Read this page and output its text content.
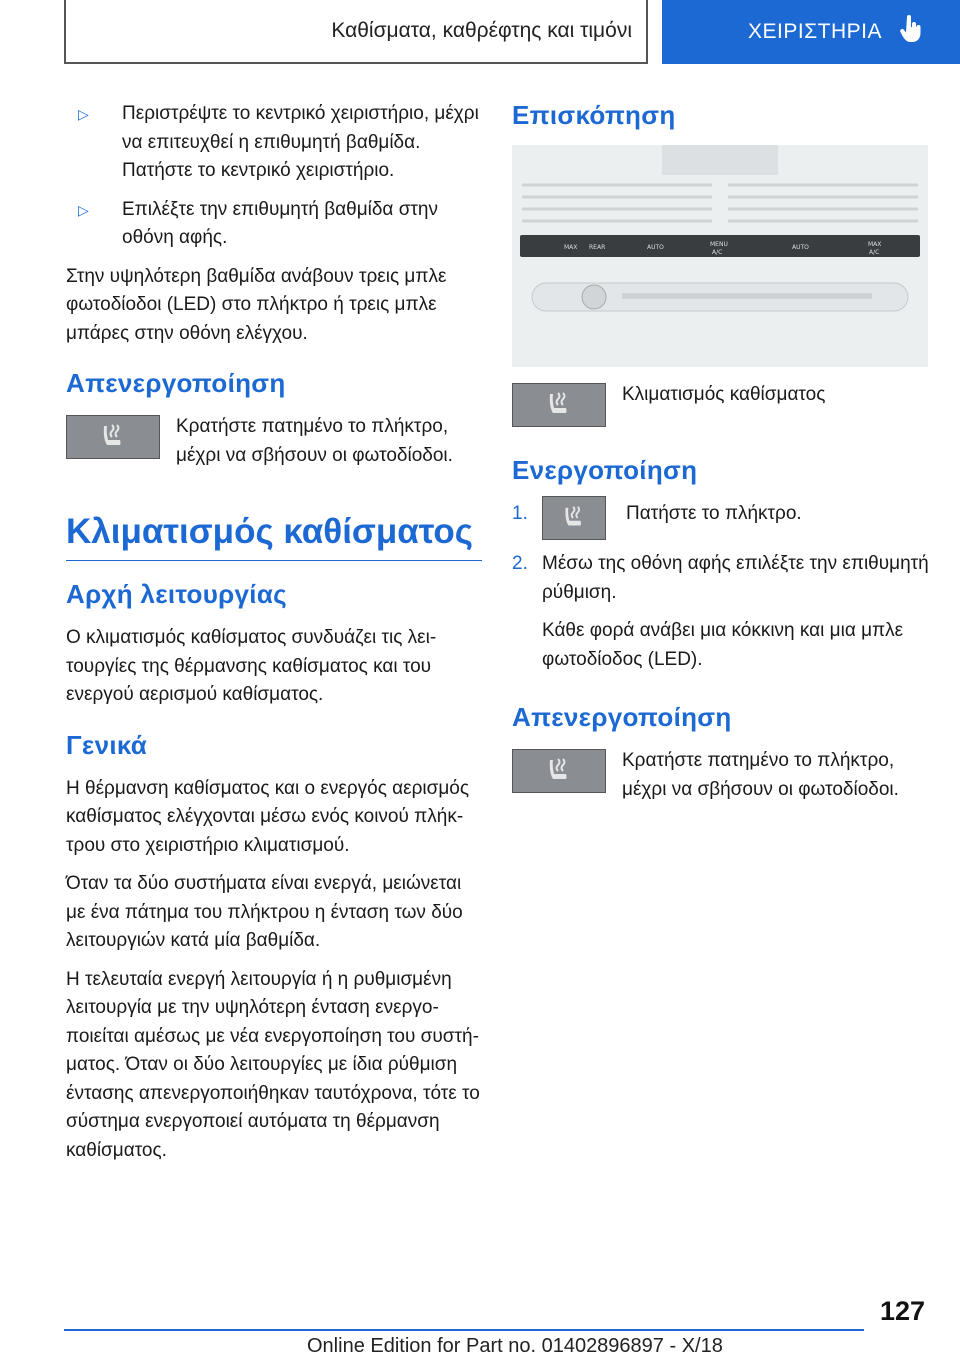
Καθίσματα, καθρέφτης και τιμόνι	ΧΕΙΡΙΣΤΗΡΙΑ
▷	Περιστρέψτε το κεντρικό χειριστήριο, μέχρι να επιτευχθεί η επιθυμητή βαθμίδα. Πατήστε το κεντρικό χειριστήριο.
▷	Επιλέξτε την επιθυμητή βαθμίδα στην οθόνη αφής.

Στην υψηλότερη βαθμίδα ανάβουν τρεις μπλε φωτοδίοδοι (LED) στο πλήκτρο ή τρεις μπλε μπάρες στην οθόνη ελέγχου.

Απενεργοποίηση

Κρατήστε πατημένο το πλήκτρο, μέχρι να σβήσουν οι φωτοδίοδοι.

Κλιματισμός καθίσματος
Αρχή λειτουργίας

Ο κλιματισμός καθίσματος συνδυάζει τις λειτουργίες της θέρμανσης καθίσματος και του ενεργού αερισμού καθίσματος.

Γενικά

Η θέρμανση καθίσματος και ο ενεργός αερισμός καθίσματος ελέγχονται μέσω ενός κοινού πλήκτρου στο χειριστήριο κλιματισμού.

Όταν τα δύο συστήματα είναι ενεργά, μειώνεται με ένα πάτημα του πλήκτρου η ένταση των δύο λειτουργιών κατά μία βαθμίδα.

Η τελευταία ενεργή λειτουργία ή η ρυθμισμένη λειτουργία με την υψηλότερη ένταση ενεργοποιείται αμέσως με νέα ενεργοποίηση του συστήματος. Όταν οι δύο λειτουργίες με ίδια ρύθμιση έντασης απενεργοποιήθηκαν ταυτόχρονα, τότε το σύστημα ενεργοποιεί αυτόματα τη θέρμανση καθίσματος.

Επισκόπηση
MAX REAR	AUTO	MENU
A/C
AUTO	MAX
A/C

Κλιματισμός καθίσματος

Ενεργοποίηση
1.	Πατήστε το πλήκτρο.
2. Μέσω της οθόνη αφής επιλέξτε την επιθυμητή ρύθμιση.

Κάθε φορά ανάβει μια κόκκινη και μια μπλε φωτοδίοδος (LED).

Απενεργοποίηση

Κρατήστε πατημένο το πλήκτρο, μέχρι να σβήσουν οι φωτοδίοδοι.

127
Online Edition for Part no. 01402896897 - X/18
